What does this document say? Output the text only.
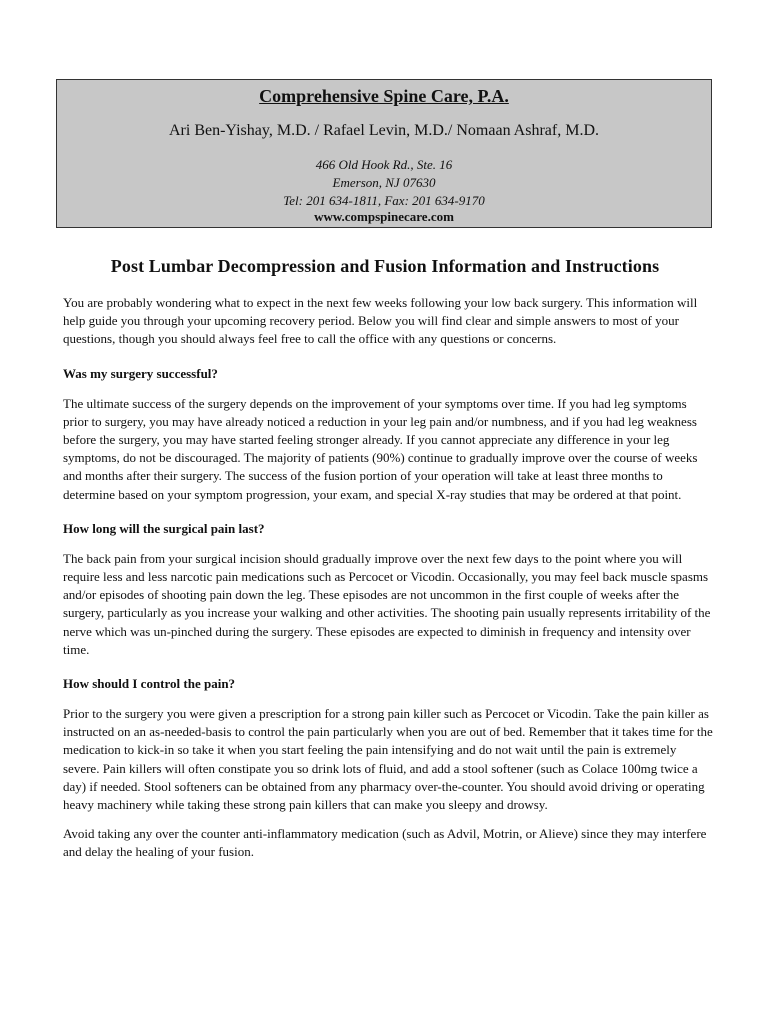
Comprehensive Spine Care, P.A.
Ari Ben-Yishay, M.D. / Rafael Levin, M.D./ Nomaan Ashraf, M.D.
466 Old Hook Rd., Ste. 16
Emerson, NJ 07630
Tel: 201 634-1811, Fax: 201 634-9170
www.compspinecare.com
Post Lumbar Decompression and Fusion Information and Instructions

You are probably wondering what to expect in the next few weeks following your low back surgery. This information will help guide you through your upcoming recovery period. Below you will find clear and simple answers to most of your questions, though you should always feel free to call the office with any questions or concerns.

Was my surgery successful?

The ultimate success of the surgery depends on the improvement of your symptoms over time. If you had leg symptoms prior to surgery, you may have already noticed a reduction in your leg pain and/or numbness, and if you had leg weakness before the surgery, you may have started feeling stronger already. If you cannot appreciate any difference in your leg symptoms, do not be discouraged. The majority of patients (90%) continue to gradually improve over the course of weeks and months after their surgery. The success of the fusion portion of your operation will take at least three months to determine based on your symptom progression, your exam, and special X-ray studies that may be ordered at that point.

How long will the surgical pain last?

The back pain from your surgical incision should gradually improve over the next few days to the point where you will require less and less narcotic pain medications such as Percocet or Vicodin. Occasionally, you may feel back muscle spasms and/or episodes of shooting pain down the leg. These episodes are not uncommon in the first couple of weeks after the surgery, particularly as you increase your walking and other activities. The shooting pain usually represents irritability of the nerve which was un-pinched during the surgery. These episodes are expected to diminish in frequency and intensity over time.

How should I control the pain?

Prior to the surgery you were given a prescription for a strong pain killer such as Percocet or Vicodin. Take the pain killer as instructed on an as-needed-basis to control the pain particularly when you are out of bed. Remember that it takes time for the medication to kick-in so take it when you start feeling the pain intensifying and do not wait until the pain is extremely severe. Pain killers will often constipate you so drink lots of fluid, and add a stool softener (such as Colace 100mg twice a day) if needed. Stool softeners can be obtained from any pharmacy over-the-counter. You should avoid driving or operating heavy machinery while taking these strong pain killers that can make you sleepy and drowsy.

Avoid taking any over the counter anti-inflammatory medication (such as Advil, Motrin, or Alieve) since they may interfere and delay the healing of your fusion.
